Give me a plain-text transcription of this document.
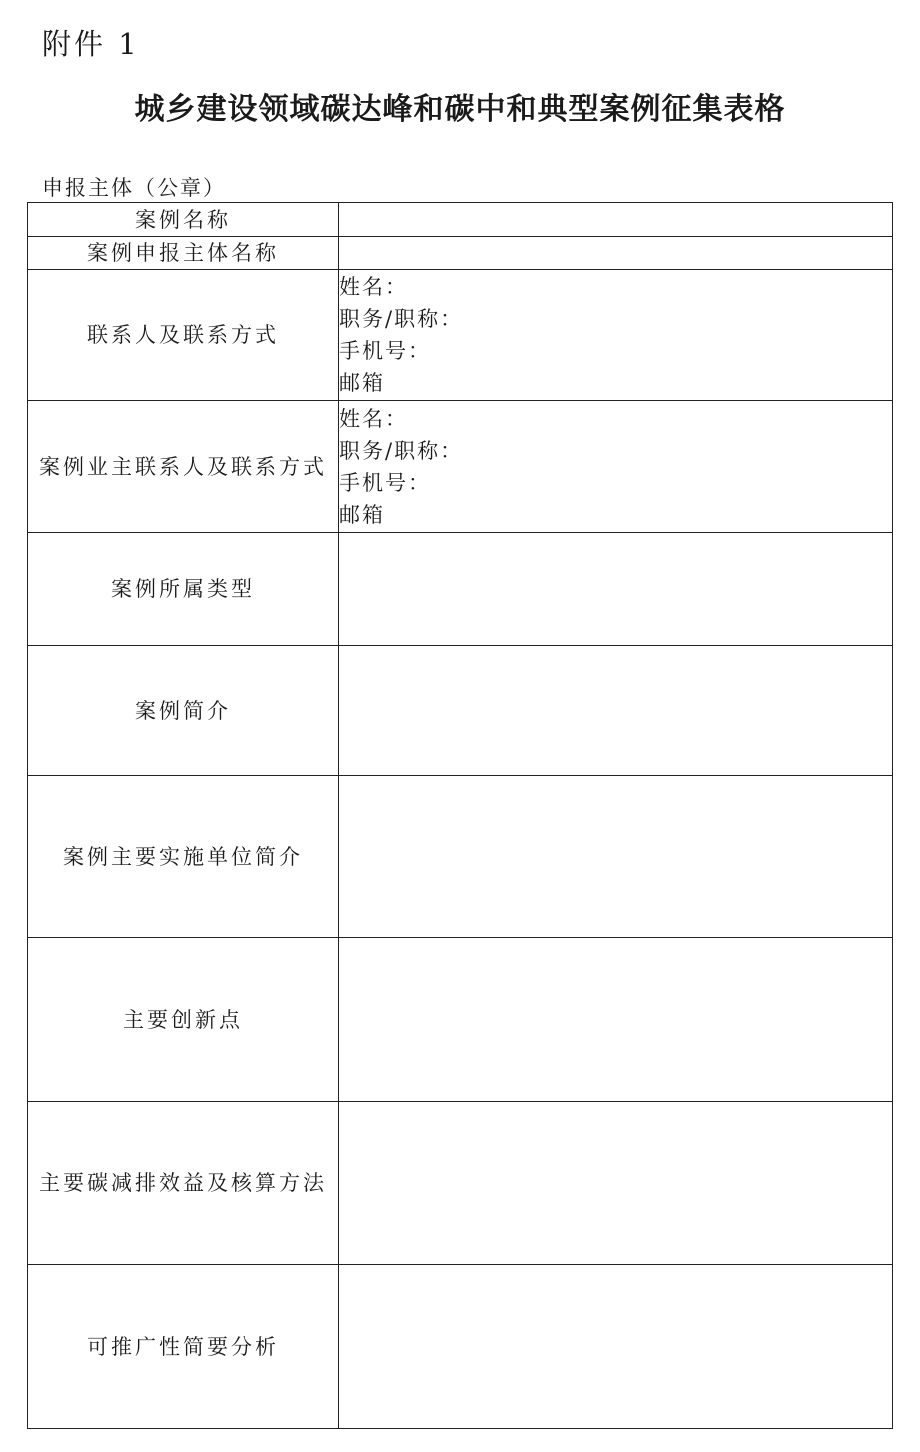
附件 1
城乡建设领域碳达峰和碳中和典型案例征集表格
申报主体（公章）
案例名称	
案例申报主体名称	
联系人及联系方式	姓名：
职务/职称：
手机号：
邮箱

案例业主联系人及联系方式	姓名：
职务/职称：
手机号：
邮箱

案例所属类型	
案例简介	
案例主要实施单位简介	
主要创新点	
主要碳减排效益及核算方法	
可推广性简要分析	
